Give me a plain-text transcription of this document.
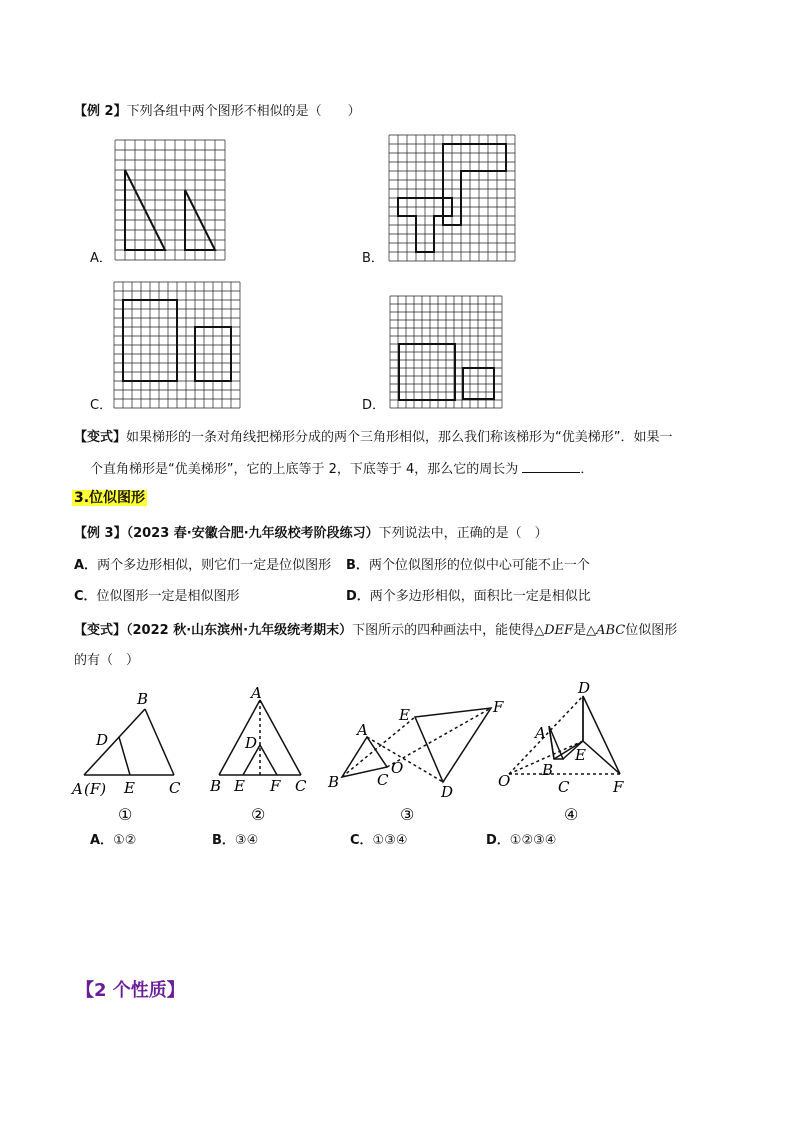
【例 2】下列各组中两个图形不相似的是（　　）
A．	B．
C．	D．
【变式】如果梯形的一条对角线把梯形分成的两个三角形相似，那么我们称该梯形为“优美梯形”．如果一
个直角梯形是“优美梯形”，它的上底等于 2，下底等于 4，那么它的周长为	．
3.位似图形
【例 3】（2023 春·安徽合肥·九年级校考阶段练习）下列说法中，正确的是（　）
A．两个多边形相似，则它们一定是位似图形 B．两个位似图形的位似中心可能不止一个
C．位似图形一定是相似图形	D．两个多边形相似，面积比一定是相似比
【变式】（2022 秋·山东滨州·九年级统考期末）下图所示的四种画法中，能使得△DEF是△ABC位似图形
的有（　）
B
D
A (F) E C
①
A
D
B E F C
②
A
B	C
O
E	F
D
③
D
A
B
E
O	C	F
④
A．①②	B．③④	C．①③④	D．①②③④
【2 个性质】
